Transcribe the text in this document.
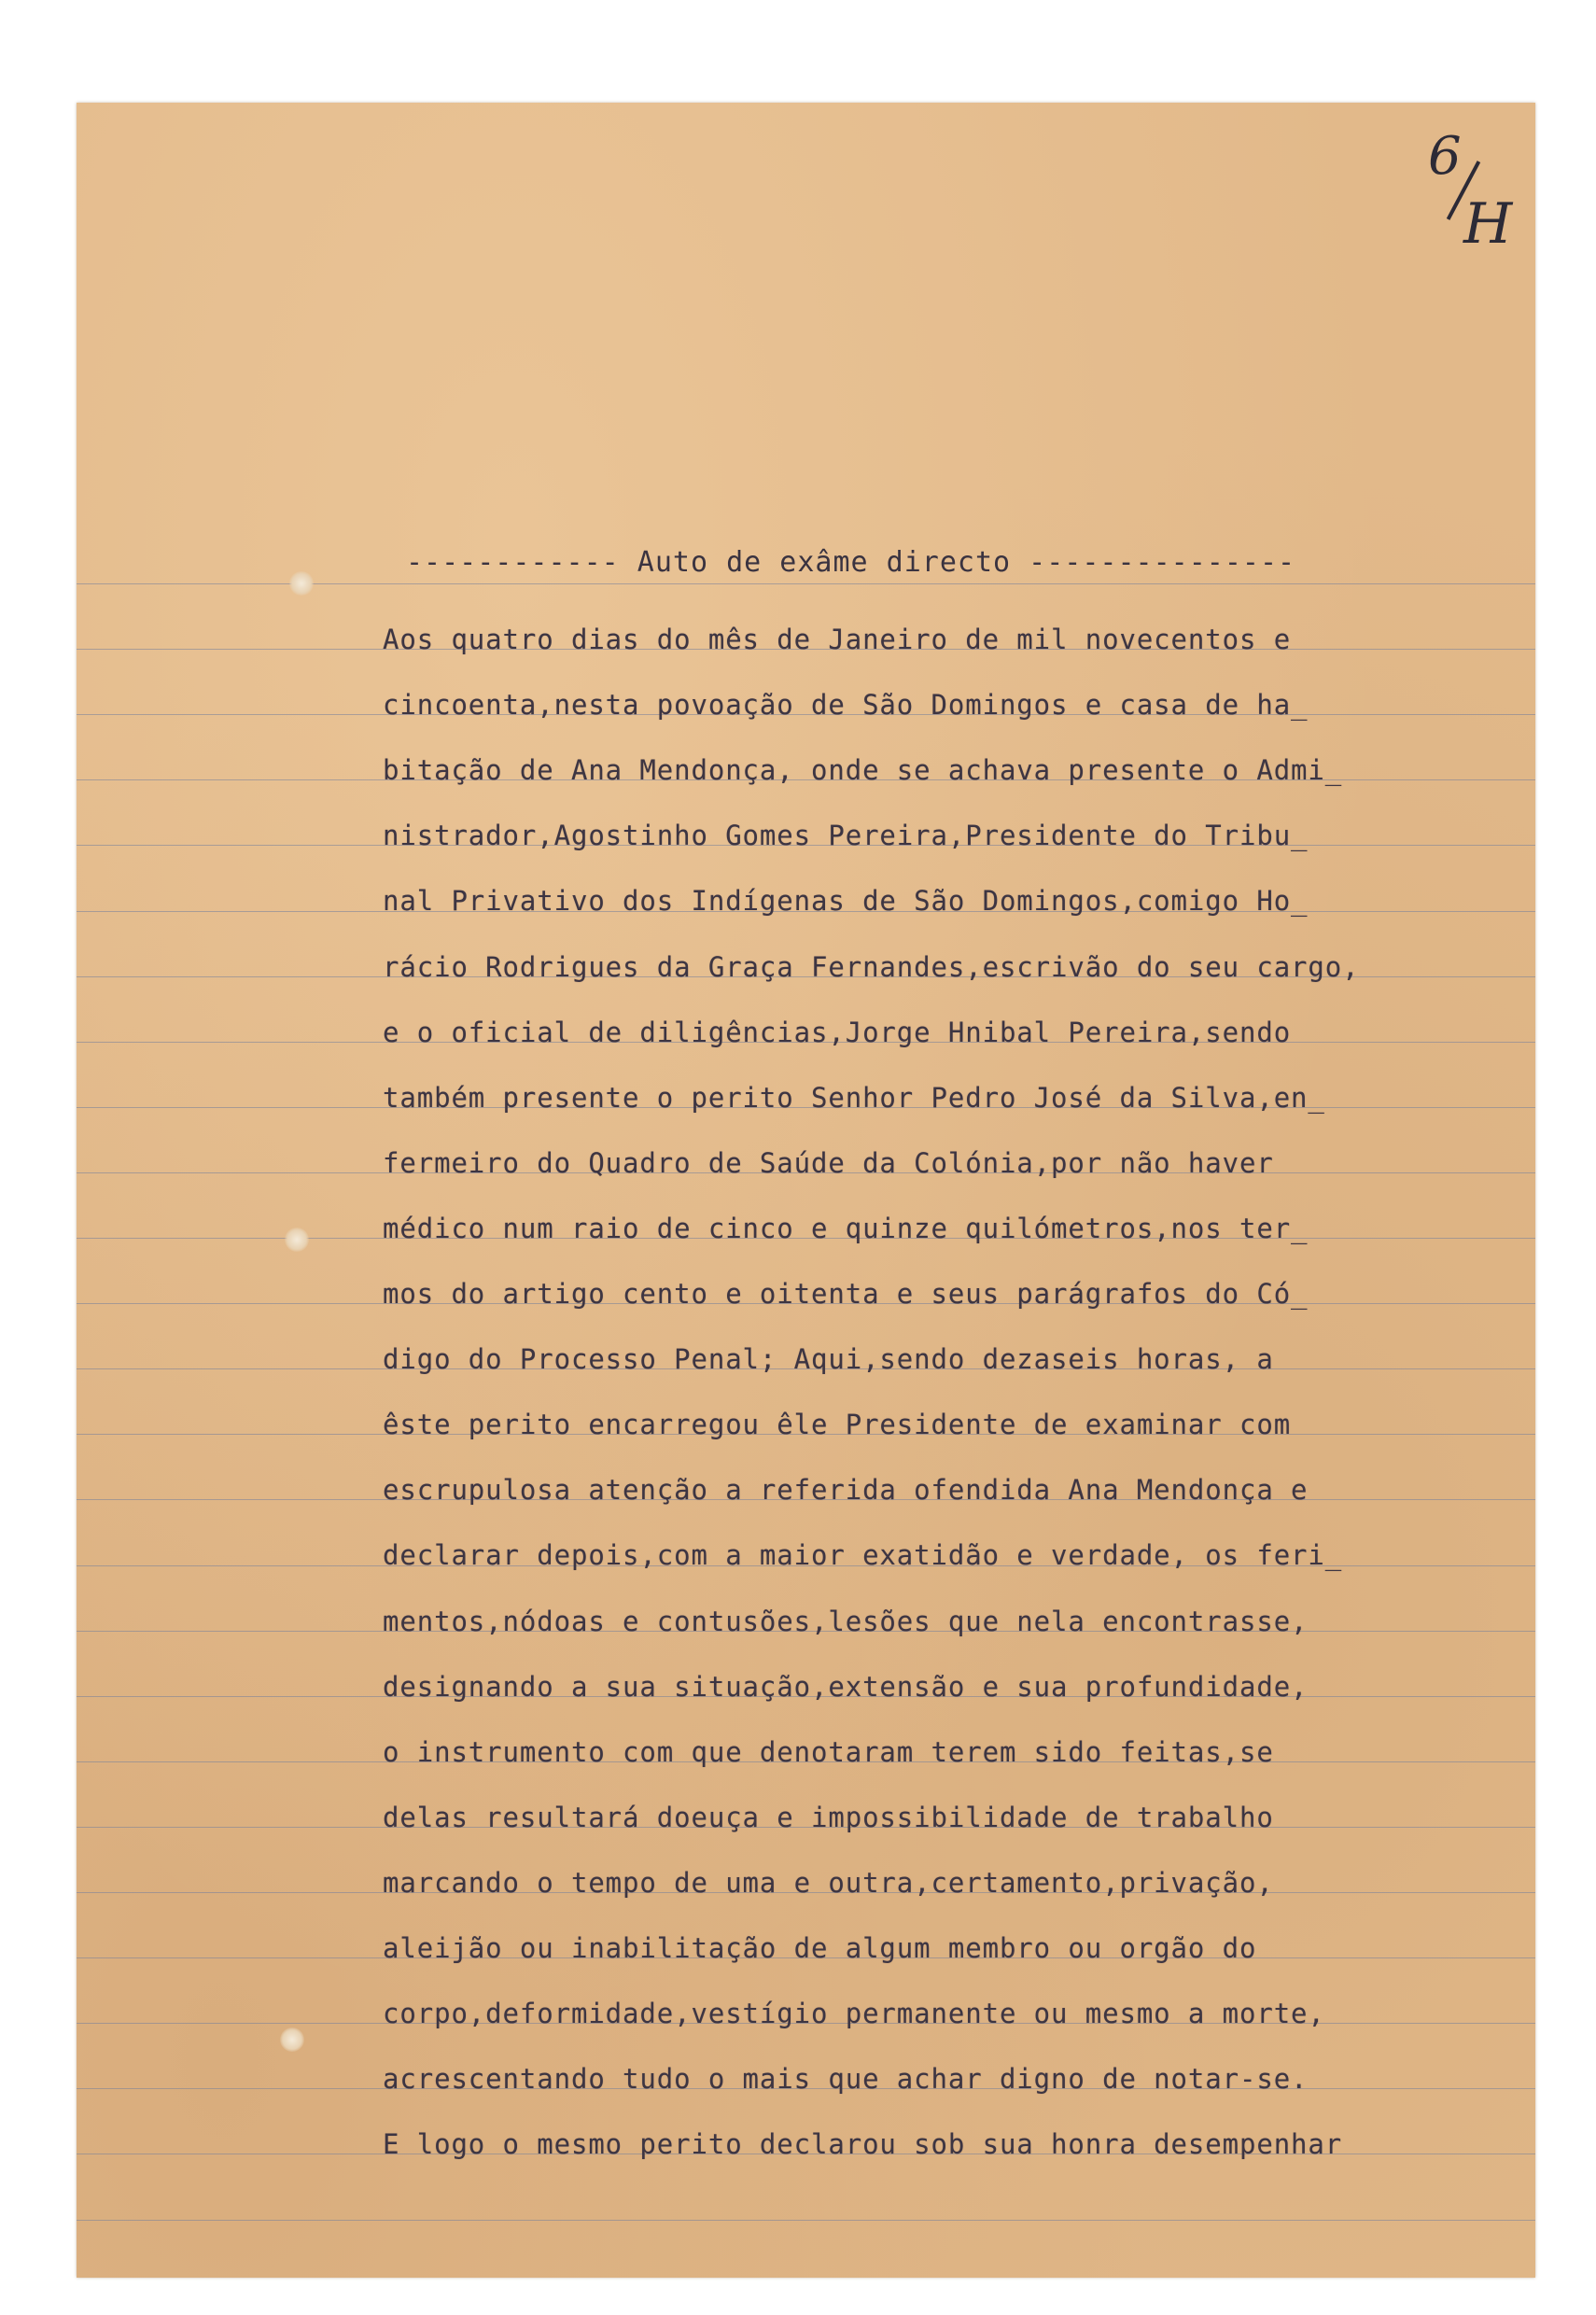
6
H
------------ Auto de exâme directo ---------------
Aos quatro dias do mês de Janeiro de mil novecentos e
cincoenta,nesta povoação de São Domingos e casa de ha_
bitação de Ana Mendonça, onde se achava presente o Admi_
nistrador,Agostinho Gomes Pereira,Presidente do Tribu_
nal Privativo dos Indígenas de São Domingos,comigo Ho_
rácio Rodrigues da Graça Fernandes,escrivão do seu cargo,
e o oficial de diligências,Jorge Hnibal Pereira,sendo
também presente o perito Senhor Pedro José da Silva,en_
fermeiro do Quadro de Saúde da Colónia,por não haver
médico num raio de cinco e quinze quilómetros,nos ter_
mos do artigo cento e oitenta e seus parágrafos do Có_
digo do Processo Penal; Aqui,sendo dezaseis horas, a
êste perito encarregou êle Presidente de examinar com
escrupulosa atenção a referida ofendida Ana Mendonça e
declarar depois,com a maior exatidão e verdade, os feri_
mentos,nódoas e contusões,lesões que nela encontrasse,
designando a sua situação,extensão e sua profundidade,
o instrumento com que denotaram terem sido feitas,se
delas resultará doeuça e impossibilidade de trabalho
marcando o tempo de uma e outra,certamento,privação,
aleijão ou inabilitação de algum membro ou orgão do
corpo,deformidade,vestígio permanente ou mesmo a morte,
acrescentando tudo o mais que achar digno de notar-se.
E logo o mesmo perito declarou sob sua honra desempenhar
